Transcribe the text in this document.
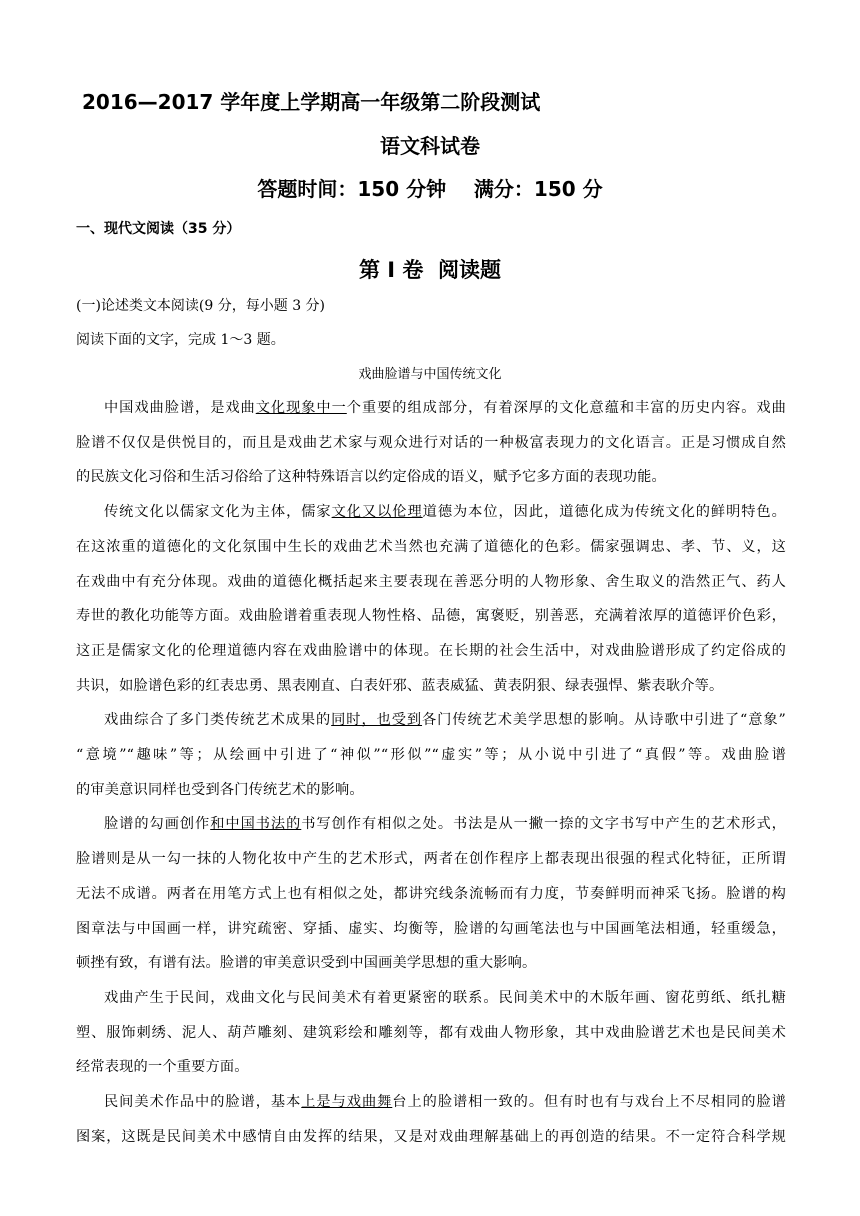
2016—2017 学年度上学期高一年级第二阶段测试
语文科试卷
答题时间：150 分钟    满分：150 分
一、现代文阅读（35 分）
第 I 卷  阅读题
(一)论述类文本阅读(9 分，每小题 3 分)
阅读下面的文字，完成 1～3 题。
戏曲脸谱与中国传统文化
中国戏曲脸谱，是戏曲文化现象中一个重要的组成部分，有着深厚的文化意蕴和丰富的历史内容。戏曲
脸谱不仅仅是供悦目的，而且是戏曲艺术家与观众进行对话的一种极富表现力的文化语言。正是习惯成自然
的民族文化习俗和生活习俗给了这种特殊语言以约定俗成的语义，赋予它多方面的表现功能。
传统文化以儒家文化为主体，儒家文化又以伦理道德为本位，因此，道德化成为传统文化的鲜明特色。
在这浓重的道德化的文化氛围中生长的戏曲艺术当然也充满了道德化的色彩。儒家强调忠、孝、节、义，这
在戏曲中有充分体现。戏曲的道德化概括起来主要表现在善恶分明的人物形象、舍生取义的浩然正气、药人
寿世的教化功能等方面。戏曲脸谱着重表现人物性格、品德，寓褒贬，别善恶，充满着浓厚的道德评价色彩，
这正是儒家文化的伦理道德内容在戏曲脸谱中的体现。在长期的社会生活中，对戏曲脸谱形成了约定俗成的
共识，如脸谱色彩的红表忠勇、黑表刚直、白表奸邪、蓝表威猛、黄表阴狠、绿表强悍、紫表耿介等。
戏曲综合了多门类传统艺术成果的同时，也受到各门传统艺术美学思想的影响。从诗歌中引进了“意象”
“意境”“趣味”等；从绘画中引进了“神似”“形似”“虚实”等；从小说中引进了“真假”等。戏曲脸谱
的审美意识同样也受到各门传统艺术的影响。
脸谱的勾画创作和中国书法的书写创作有相似之处。书法是从一撇一捺的文字书写中产生的艺术形式，
脸谱则是从一勾一抹的人物化妆中产生的艺术形式，两者在创作程序上都表现出很强的程式化特征，正所谓
无法不成谱。两者在用笔方式上也有相似之处，都讲究线条流畅而有力度，节奏鲜明而神采飞扬。脸谱的构
图章法与中国画一样，讲究疏密、穿插、虚实、均衡等，脸谱的勾画笔法也与中国画笔法相通，轻重缓急，
顿挫有致，有谱有法。脸谱的审美意识受到中国画美学思想的重大影响。
戏曲产生于民间，戏曲文化与民间美术有着更紧密的联系。民间美术中的木版年画、窗花剪纸、纸扎糖
塑、服饰刺绣、泥人、葫芦雕刻、建筑彩绘和雕刻等，都有戏曲人物形象，其中戏曲脸谱艺术也是民间美术
经常表现的一个重要方面。
民间美术作品中的脸谱，基本上是与戏曲舞台上的脸谱相一致的。但有时也有与戏台上不尽相同的脸谱
图案，这既是民间美术中感情自由发挥的结果，又是对戏曲理解基础上的再创造的结果。不一定符合科学规
